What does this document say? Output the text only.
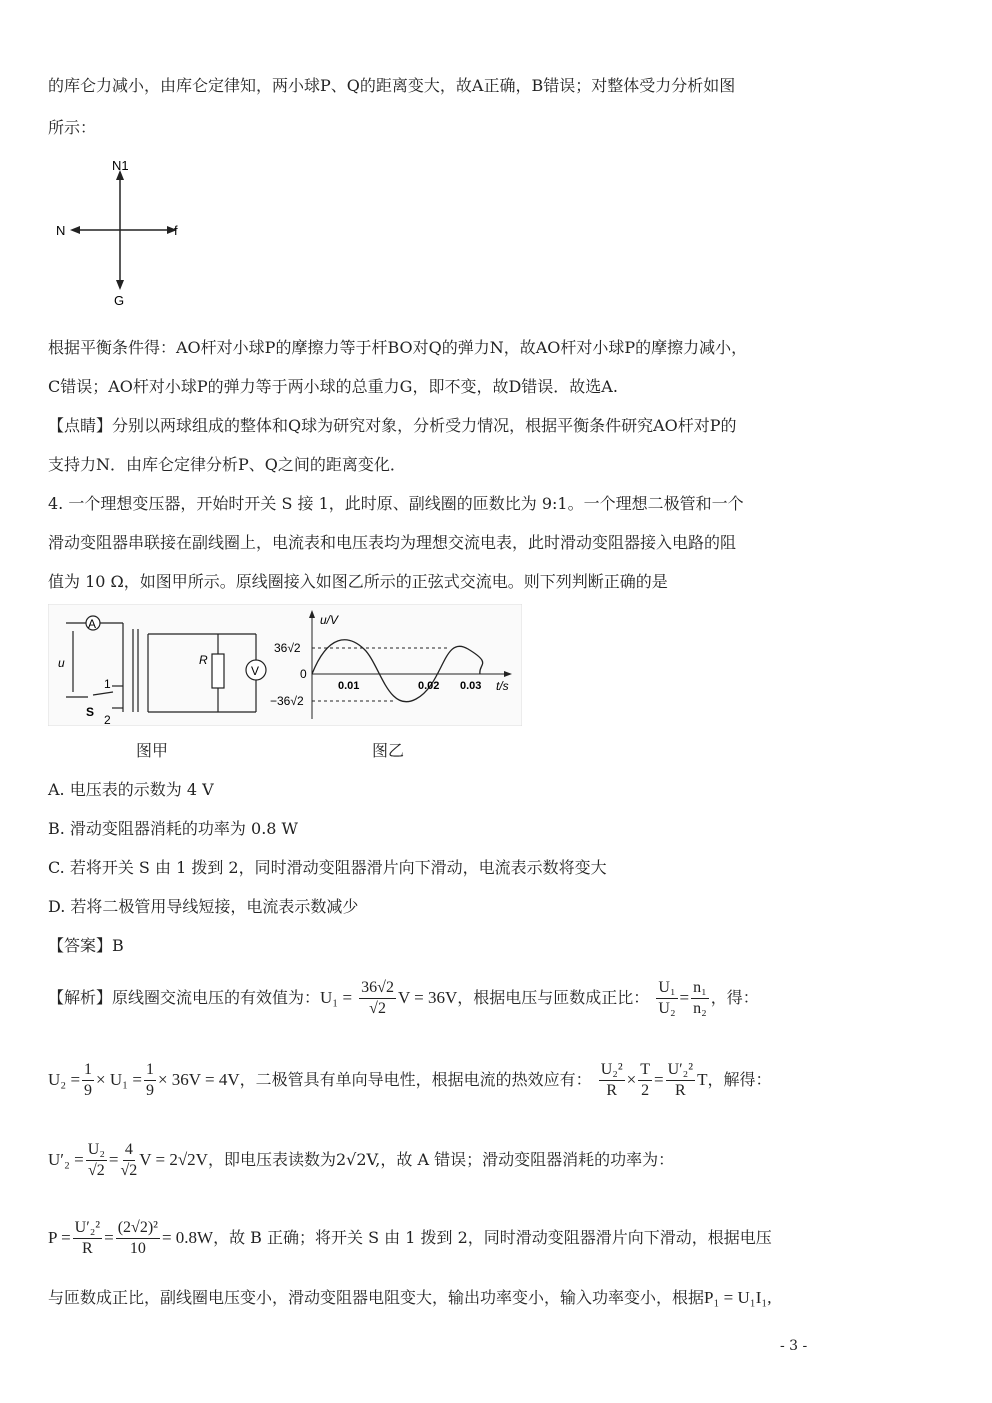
的库仑力减小，由库仑定律知，两小球P、Q的距离变大，故A正确，B错误；对整体受力分析如图
所示：
N1
N	f
G
根据平衡条件得：AO杆对小球P的摩擦力等于杆BO对Q的弹力N，故AO杆对小球P的摩擦力减小，
C错误；AO杆对小球P的弹力等于两小球的总重力G，即不变，故D错误．故选A.
【点睛】分别以两球组成的整体和Q球为研究对象，分析受力情况，根据平衡条件研究AO杆对P的
支持力N．由库仑定律分析P、Q之间的距离变化．
4. 一个理想变压器，开始时开关 S 接 1，此时原、副线圈的匝数比为 9:1。一个理想二极管和一个
滑动变阻器串联接在副线圈上，电流表和电压表均为理想交流电表，此时滑动变阻器接入电路的阻
值为 10 Ω，如图甲所示。原线圈接入如图乙所示的正弦式交流电。则下列判断正确的是
A
V
R
u
S
1
2
u/V
t/s
36√2
0
−36√2
0.01	0.02 0.03
图甲	图乙
A. 电压表的示数为 4 V
B. 滑动变阻器消耗的功率为 0.8 W
C. 若将开关 S 由 1 拨到 2，同时滑动变阻器滑片向下滑动，电流表示数将变大
D. 若将二极管用导线短接，电流表示数减少
【答案】B
【解析】原线圈交流电压的有效值为：$U_1 = \frac{36√2}{√2}$ V = 36V，根据电压与匝数成正比： $\frac{\text{U₁}}{\text{U₂}} = \frac{\text{n₁}}{\text{n₂}}$ ，得：
$U_2 = \frac{1}{9} \times U_1 = \frac{1}{9} \times 36V = 4V$，二极管具有单向导电性，根据电流的热效应有： $\frac{\text{U₂²}}{R} \times \frac{T}{2} = \frac{\text{U′₂²}}{R}$ T，解得：
$U'_2 = \frac{\text{U₂}}{√2} = \frac{4}{√2}$ V = 2√2V，即电压表读数为2√2V,，故 A 错误；滑动变阻器消耗的功率为：
$P = \frac{\text{U′₂²}}{R} = \frac{\text{(2√2)²}}{10} = 0.8W$，故 B 正确；将开关 S 由 1 拨到 2，同时滑动变阻器滑片向下滑动，根据电压
与匝数成正比，副线圈电压变小，滑动变阻器电阻变大，输出功率变小，输入功率变小，根据P₁ = U₁I₁,
- 3 -
